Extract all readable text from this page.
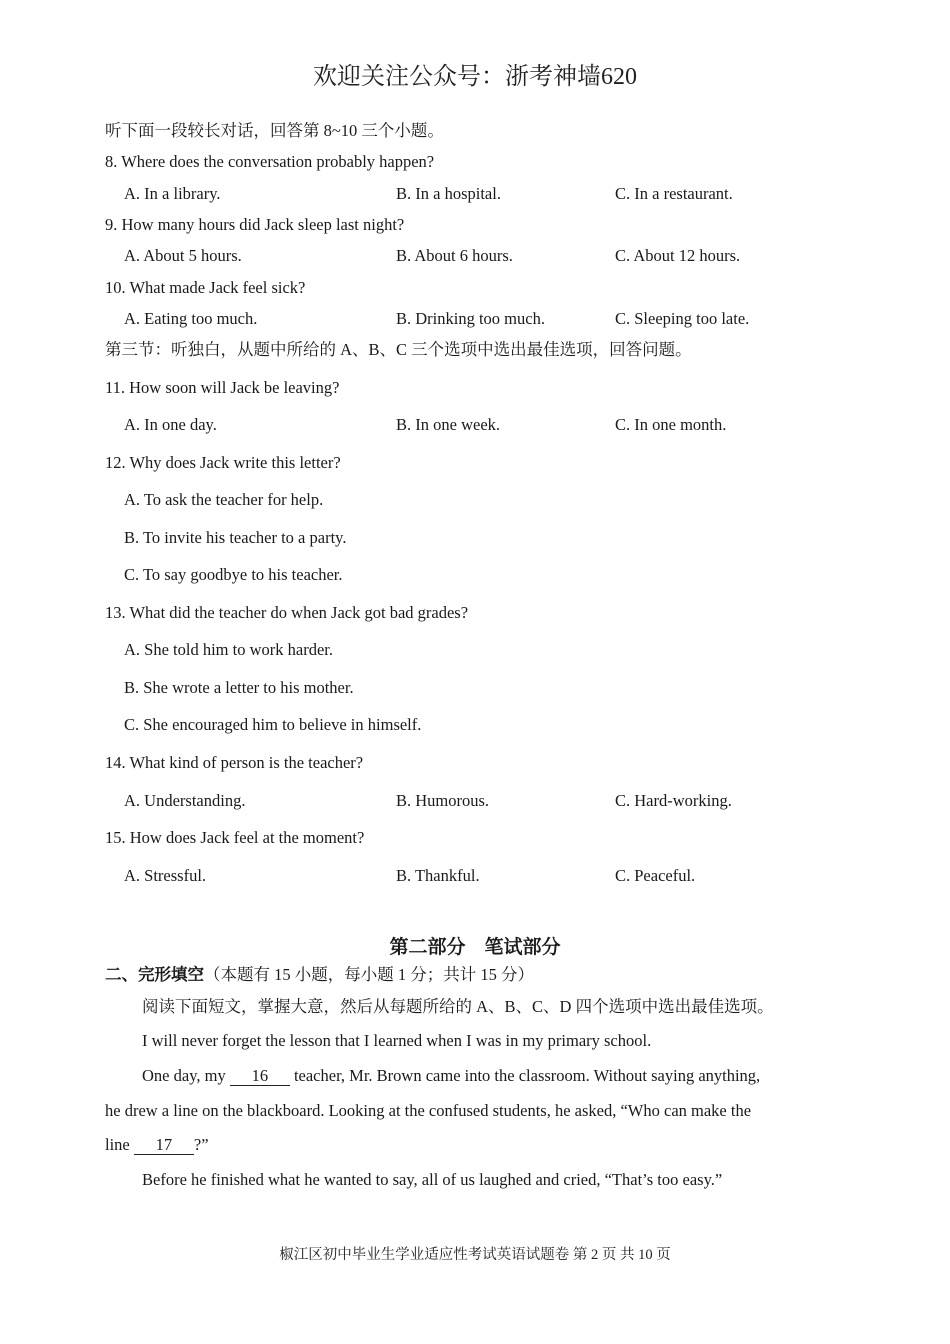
欢迎关注公众号：浙考神墙620
听下面一段较长对话，回答第 8~10 三个小题。
8. Where does the conversation probably happen?
A. In a library.	B. In a hospital.	C. In a restaurant.
9. How many hours did Jack sleep last night?
A. About 5 hours.	B. About 6 hours.	C. About 12 hours.
10. What made Jack feel sick?
A. Eating too much.	B. Drinking too much.	C. Sleeping too late.
第三节：听独白，从题中所给的 A、B、C 三个选项中选出最佳选项，回答问题。
11. How soon will Jack be leaving?
A. In one day.	B. In one week.	C. In one month.
12. Why does Jack write this letter?
A. To ask the teacher for help.
B. To invite his teacher to a party.
C. To say goodbye to his teacher.
13. What did the teacher do when Jack got bad grades?
A. She told him to work harder.
B. She wrote a letter to his mother.
C. She encouraged him to believe in himself.
14. What kind of person is the teacher?
A. Understanding.	B. Humorous.	C. Hard-working.
15. How does Jack feel at the moment?
A. Stressful.	B. Thankful.	C. Peaceful.
第二部分　笔试部分
二、完形填空（本题有 15 小题，每小题 1 分；共计 15 分）
阅读下面短文，掌握大意，然后从每题所给的 A、B、C、D 四个选项中选出最佳选项。
I will never forget the lesson that I learned when I was in my primary school.
One day, my 16 teacher, Mr. Brown came into the classroom. Without saying anything,
he drew a line on the blackboard. Looking at the confused students, he asked, “Who can make the
line 17 ?”
Before he finished what he wanted to say, all of us laughed and cried, “That’s too easy.”
椒江区初中毕业生学业适应性考试英语试题卷 第 2 页 共 10 页
